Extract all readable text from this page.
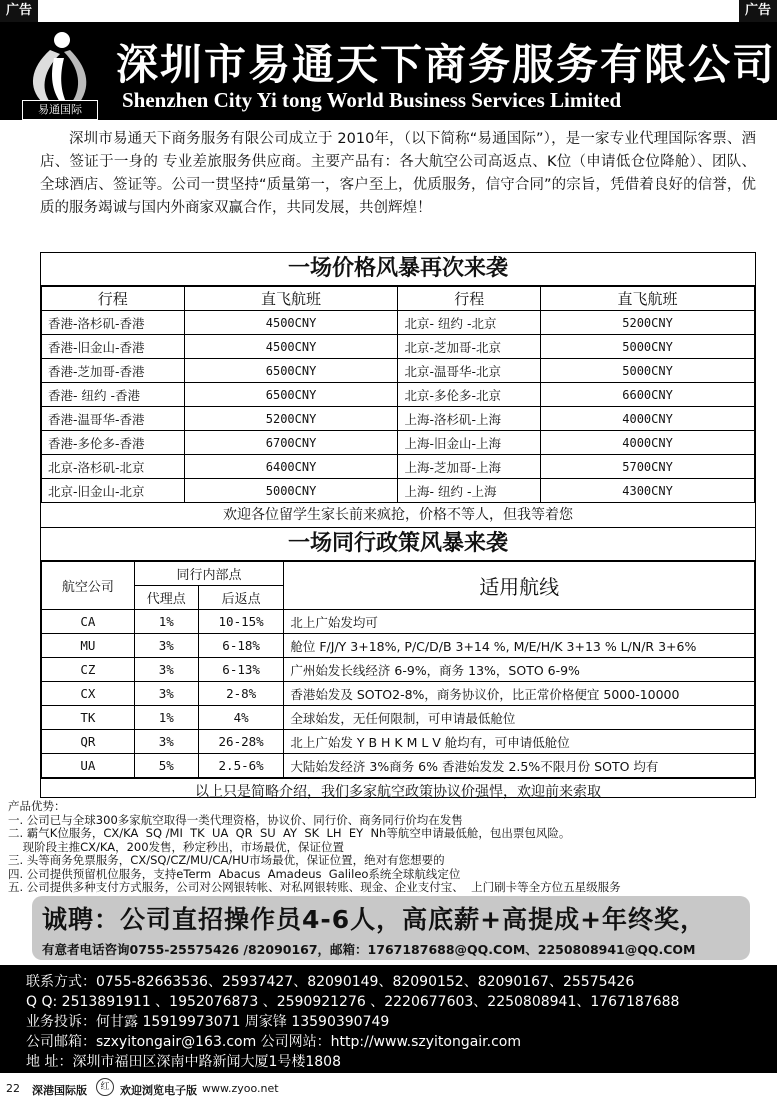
广告	广告
易通国际
深圳市易通天下商务服务有限公司
Shenzhen City Yi tong World Business Services Limited

深圳市易通天下商务服务有限公司成立于 2010年，（以下简称“易通国际”），是一家专业代理国际客票、酒店、签证于一身的 专业差旅服务供应商。主要产品有：各大航空公司高返点、K位（申请低仓位降舱）、团队、全球酒店、签证等。公司一贯坚持“质量第一，客户至上，优质服务，信守合同”的宗旨，凭借着良好的信誉，优质的服务竭诚与国内外商家双赢合作，共同发展，共创辉煌！

一场价格风暴再次来袭
行程	直飞航班	行程	直飞航班
香港-洛杉矶-香港	4500CNY	北京- 纽约 -北京	5200CNY
香港-旧金山-香港	4500CNY	北京-芝加哥-北京	5000CNY
香港-芝加哥-香港	6500CNY	北京-温哥华-北京	5000CNY
香港- 纽约 -香港	6500CNY	北京-多伦多-北京	6600CNY
香港-温哥华-香港	5200CNY	上海-洛杉矶-上海	4000CNY
香港-多伦多-香港	6700CNY	上海-旧金山-上海	4000CNY
北京-洛杉矶-北京	6400CNY	上海-芝加哥-上海	5700CNY
北京-旧金山-北京	5000CNY	上海- 纽约 -上海	4300CNY
欢迎各位留学生家长前来疯抢，价格不等人，但我等着您
一场同行政策风暴来袭
航空公司	同行内部点		适用航线
	代理点	后返点	
CA	1%	10-15%	北上广始发均可
MU	3%	6-18%	舱位 F/J/Y 3+18%, P/C/D/B 3+14 %, M/E/H/K 3+13 % L/N/R 3+6%
CZ	3%	6-13%	广州始发长线经济 6-9%，商务 13%，SOTO 6-9%
CX	3%	2-8%	香港始发及 SOTO2-8%，商务协议价，比正常价格便宜 5000-10000
TK	1%	4%	全球始发，无任何限制，可申请最低舱位
QR	3%	26-28%	北上广始发 Y B H K M L V 舱均有，可申请低舱位
UA	5%	2.5-6%	大陆始发经济 3%商务 6% 香港始发发 2.5%不限月份 SOTO 均有
以上只是简略介绍，我们多家航空政策协议价强悍，欢迎前来索取
产品优势：
一. 公司已与全球300多家航空取得一类代理资格，协议价、同行价、商务同行价均在发售
二. 霸气K位服务，CX/KA  SQ /MI  TK  UA  QR  SU  AY  SK  LH  EY  Nh等航空申请最低舱，包出票包风险。
现阶段主推CX/KA，200发售，秒定秒出，市场最优，保证位置
三. 头等商务免票服务，CX/SQ/CZ/MU/CA/HU市场最优，保证位置，绝对有您想要的
四. 公司提供预留机位服务，支持eTerm  Abacus  Amadeus  Galileo系统全球航线定位
五. 公司提供多种支付方式服务，公司对公网银转帐、对私网银转账、现金、企业支付宝、  上门刷卡等全方位五星级服务
诚聘：公司直招操作员4-6人，高底薪+高提成+年终奖，
有意者电话咨询0755-25575426 /82090167，邮箱：1767187688@QQ.COM、2250808941@QQ.COM
联系方式：0755-82663536、25937427、82090149、82090152、82090167、25575426
Q Q: 2513891911 、1952076873 、2590921276 、2220677603、2250808941、1767187688
业务投诉：何甘露 15919973071 周家锋 13590390749
公司邮箱：szxyitongair@163.com 公司网站：http://www.szyitongair.com
地 址：深圳市福田区深南中路新闻大厦1号楼1808
22 深港国际版	红 欢迎浏览电子版 www.zyoo.net
